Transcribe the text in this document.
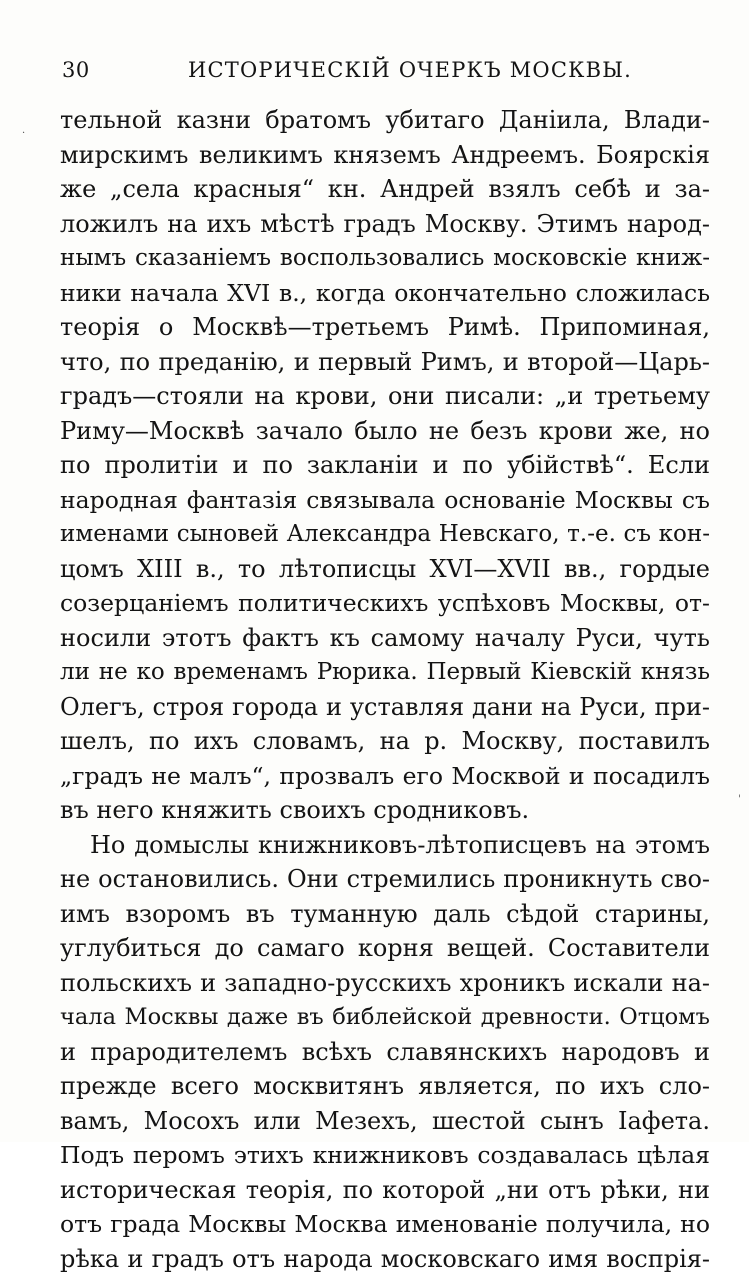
30	ИСТОРИЧЕСКІЙ ОЧЕРКЪ МОСКВЫ.
·
'
тельной казни братомъ убитаго Даніила, Влади-
мирскимъ великимъ княземъ Андреемъ. Боярскія
же „села красныя“ кн. Андрей взялъ себѣ и за-
ложилъ на ихъ мѣстѣ градъ Москву. Этимъ народ-
нымъ сказаніемъ воспользовались московскіе книж-
ники начала XVI в., когда окончательно сложилась
теорія о Москвѣ—третьемъ Римѣ. Припоминая,
что, по преданію, и первый Римъ, и второй—Царь-
градъ—стояли на крови, они писали: „и третьему
Риму—Москвѣ зачало было не безъ крови же, но
по пролитіи и по закланіи и по убійствѣ“. Если
народная фантазія связывала основаніе Москвы съ
именами сыновей Александра Невскаго, т.-е. съ кон-
цомъ XIII в., то лѣтописцы XVI—XVII вв., гордые
созерцаніемъ политическихъ успѣховъ Москвы, от-
носили этотъ фактъ къ самому началу Руси, чуть
ли не ко временамъ Рюрика. Первый Кіевскій князь
Олегъ, строя города и уставляя дани на Руси, при-
шелъ, по ихъ словамъ, на р. Москву, поставилъ
„градъ не малъ“, прозвалъ его Москвой и посадилъ
въ него княжить своихъ сродниковъ.
Но домыслы книжниковъ-лѣтописцевъ на этомъ
не остановились. Они стремились проникнуть сво-
имъ взоромъ въ туманную даль сѣдой старины,
углубиться до самаго корня вещей. Составители
польскихъ и западно-русскихъ хроникъ искали на-
чала Москвы даже въ библейской древности. Отцомъ
и прародителемъ всѣхъ славянскихъ народовъ и
прежде всего москвитянъ является, по ихъ сло-
вамъ, Мосохъ или Мезехъ, шестой сынъ Іафета.
Подъ перомъ этихъ книжниковъ создавалась цѣлая
историческая теорія, по которой „ни отъ рѣки, ни
отъ града Москвы Москва именованіе получила, но
рѣка и градъ отъ народа московскаго имя воспрія-
